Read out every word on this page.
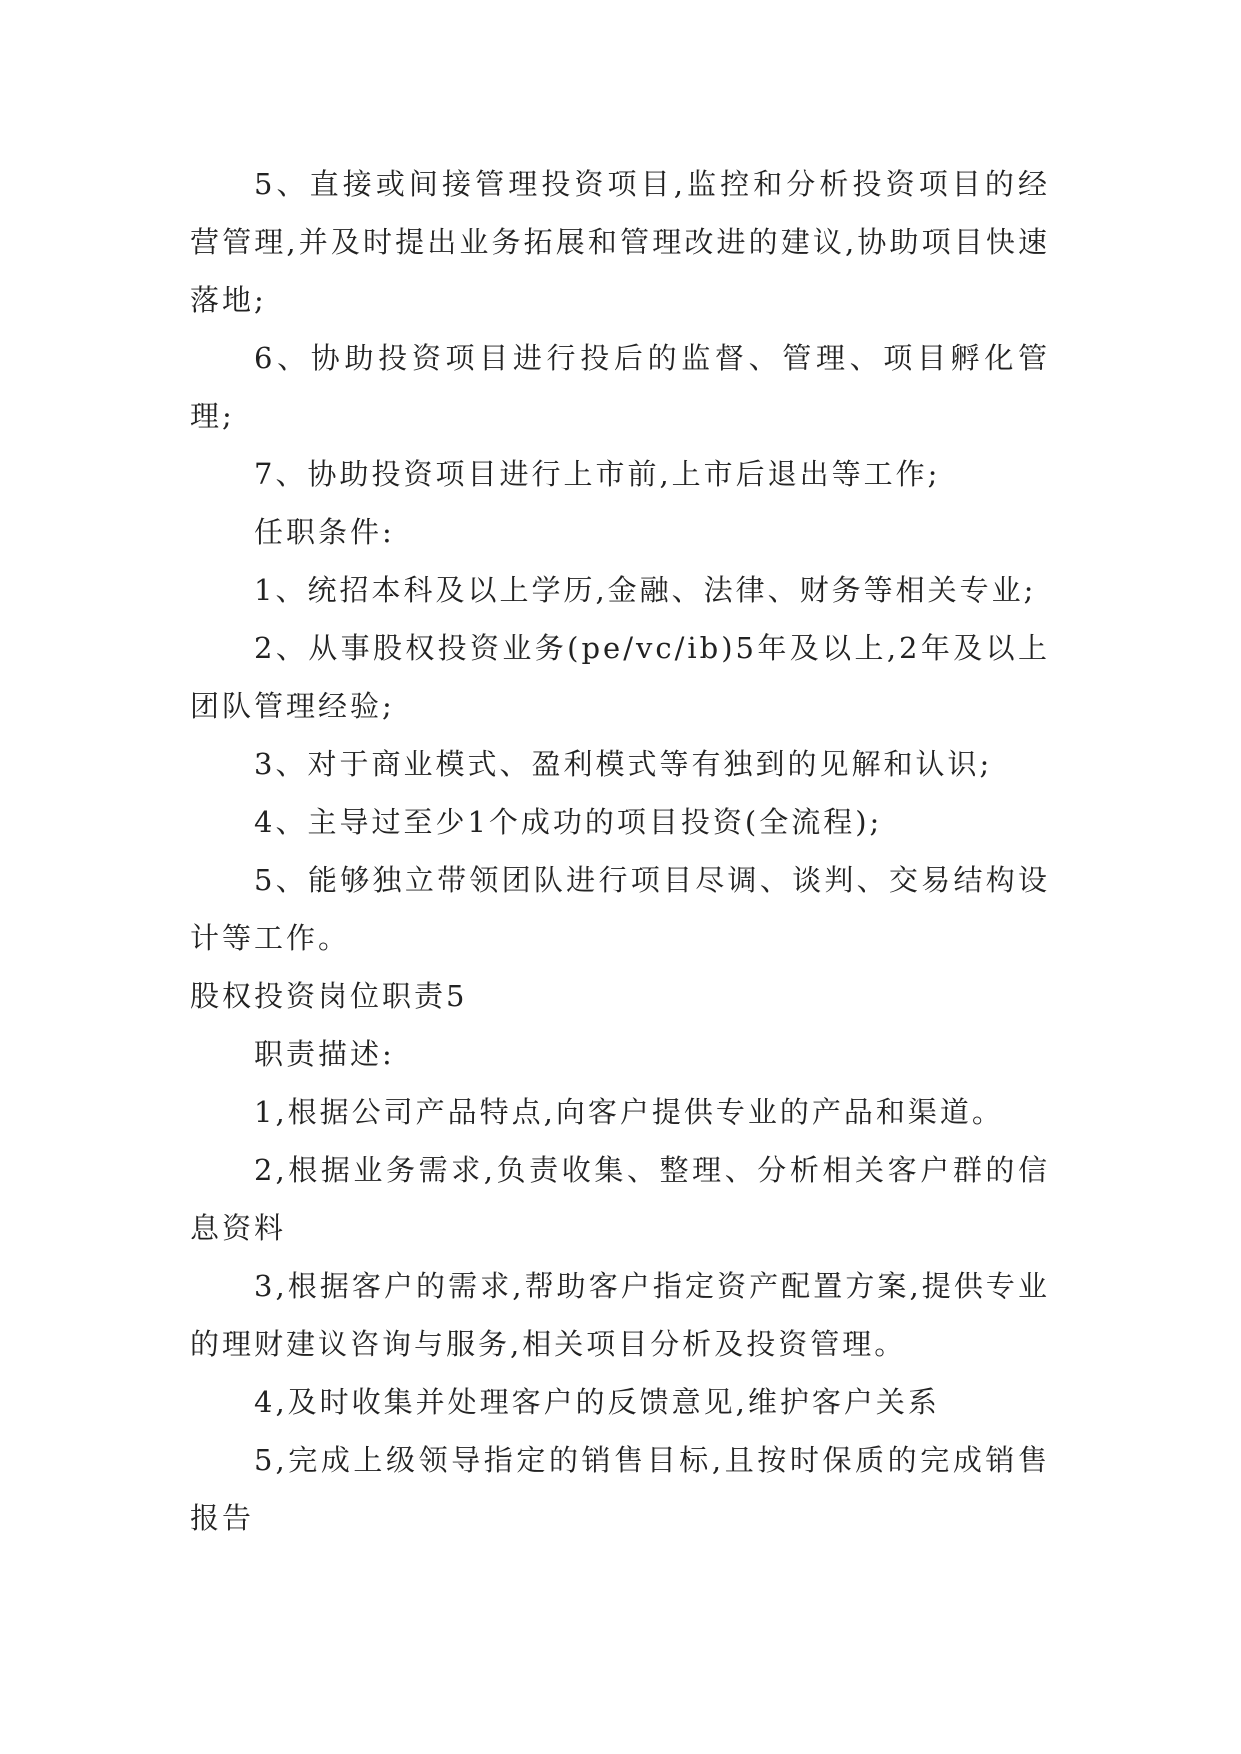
5、直接或间接管理投资项目,监控和分析投资项目的经营管理,并及时提出业务拓展和管理改进的建议,协助项目快速落地;

6、协助投资项目进行投后的监督、管理、项目孵化管理;

7、协助投资项目进行上市前,上市后退出等工作;

任职条件:

1、统招本科及以上学历,金融、法律、财务等相关专业;

2、从事股权投资业务(pe/vc/ib)5年及以上,2年及以上团队管理经验;

3、对于商业模式、盈利模式等有独到的见解和认识;

4、主导过至少1个成功的项目投资(全流程);

5、能够独立带领团队进行项目尽调、谈判、交易结构设计等工作。

股权投资岗位职责5

职责描述:

1,根据公司产品特点,向客户提供专业的产品和渠道。

2,根据业务需求,负责收集、整理、分析相关客户群的信息资料

3,根据客户的需求,帮助客户指定资产配置方案,提供专业的理财建议咨询与服务,相关项目分析及投资管理。

4,及时收集并处理客户的反馈意见,维护客户关系

5,完成上级领导指定的销售目标,且按时保质的完成销售报告
